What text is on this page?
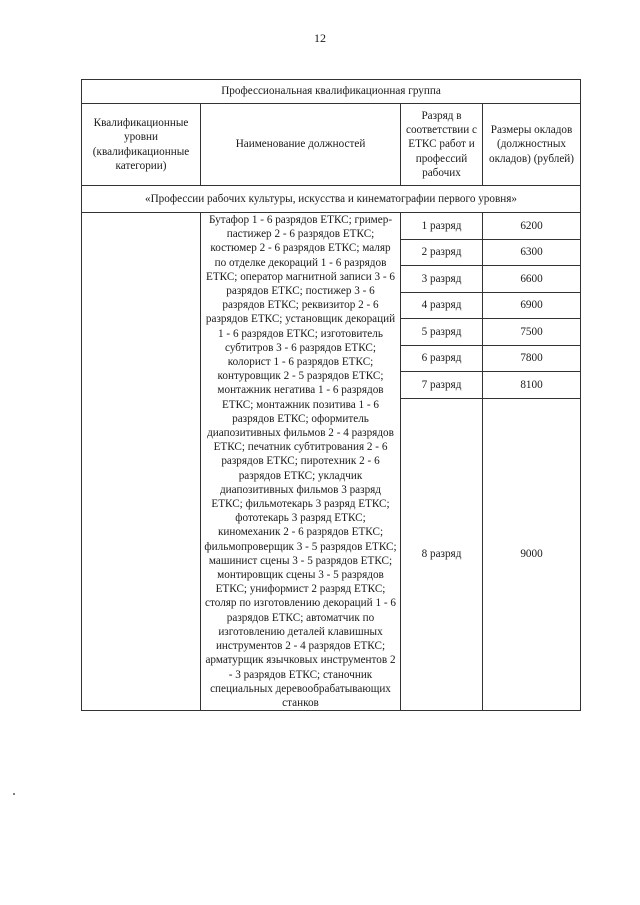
12
Профессиональная квалификационная группа			
Квалификационные уровни (квалификационные категории)	Наименование должностей	Разряд в соответствии с ЕТКС работ и профессий рабочих	Размеры окладов (должностных окладов) (рублей)
«Профессии рабочих культуры, искусства и кинематографии первого уровня»			
	Бутафор 1 - 6 разрядов ЕТКС; гример-пастижер 2 - 6 разрядов ЕТКС; костюмер 2 - 6 разрядов ЕТКС; маляр по отделке декораций 1 - 6 разрядов ЕТКС; оператор магнитной записи 3 - 6 разрядов ЕТКС; постижер 3 - 6 разрядов ЕТКС; реквизитор 2 - 6 разрядов ЕТКС; установщик декораций 1 - 6 разрядов ЕТКС; изготовитель субтитров 3 - 6 разрядов ЕТКС; колорист 1 - 6 разрядов ЕТКС; контуровщик 2 - 5 разрядов ЕТКС; монтажник негатива 1 - 6 разрядов ЕТКС; монтажник позитива 1 - 6 разрядов ЕТКС; оформитель диапозитивных фильмов 2 - 4 разрядов ЕТКС; печатник субтитрования 2 - 6 разрядов ЕТКС; пиротехник 2 - 6 разрядов ЕТКС; укладчик диапозитивных фильмов 3 разряд ЕТКС; фильмотекарь 3 разряд ЕТКС; фототекарь 3 разряд ЕТКС; киномеханик 2 - 6 разрядов ЕТКС; фильмопроверщик 3 - 5 разрядов ЕТКС; машинист сцены 3 - 5 разрядов ЕТКС; монтировщик сцены 3 - 5 разрядов ЕТКС; униформист 2 разряд ЕТКС; столяр по изготовлению декораций 1 - 6 разрядов ЕТКС; автоматчик по изготовлению деталей клавишных инструментов 2 - 4 разрядов ЕТКС; арматурщик язычковых инструментов 2 - 3 разрядов ЕТКС; станочник специальных деревообрабатывающих станков	1 разряд	6200
		2 разряд	6300
		3 разряд	6600
		4 разряд	6900
		5 разряд	7500
		6 разряд	7800
		7 разряд	8100
		8 разряд	9000
